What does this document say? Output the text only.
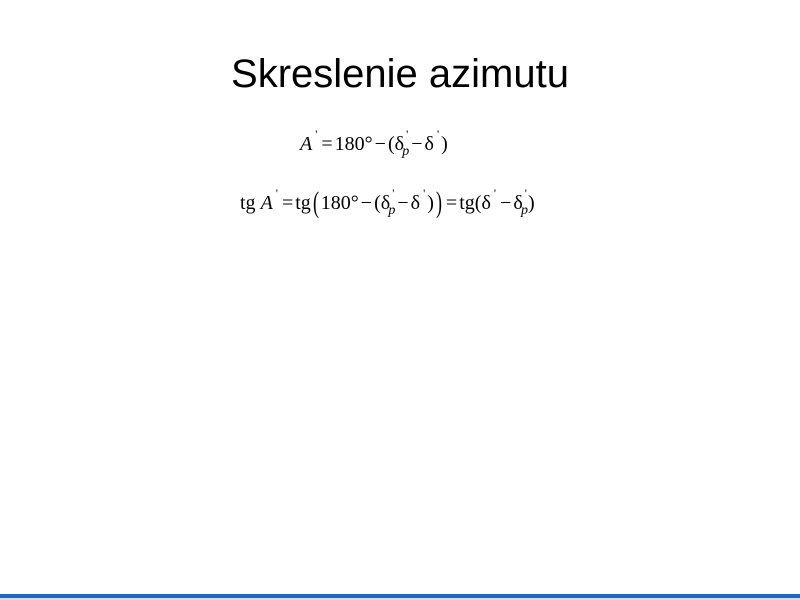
Skreslenie azimutu
A ' = 180° − (δ '$_p$ − δ ' )
tg A ' = tg( 180° − (δ '$_p$ − δ ' )) = tg(δ ' − δ '$_p$)
